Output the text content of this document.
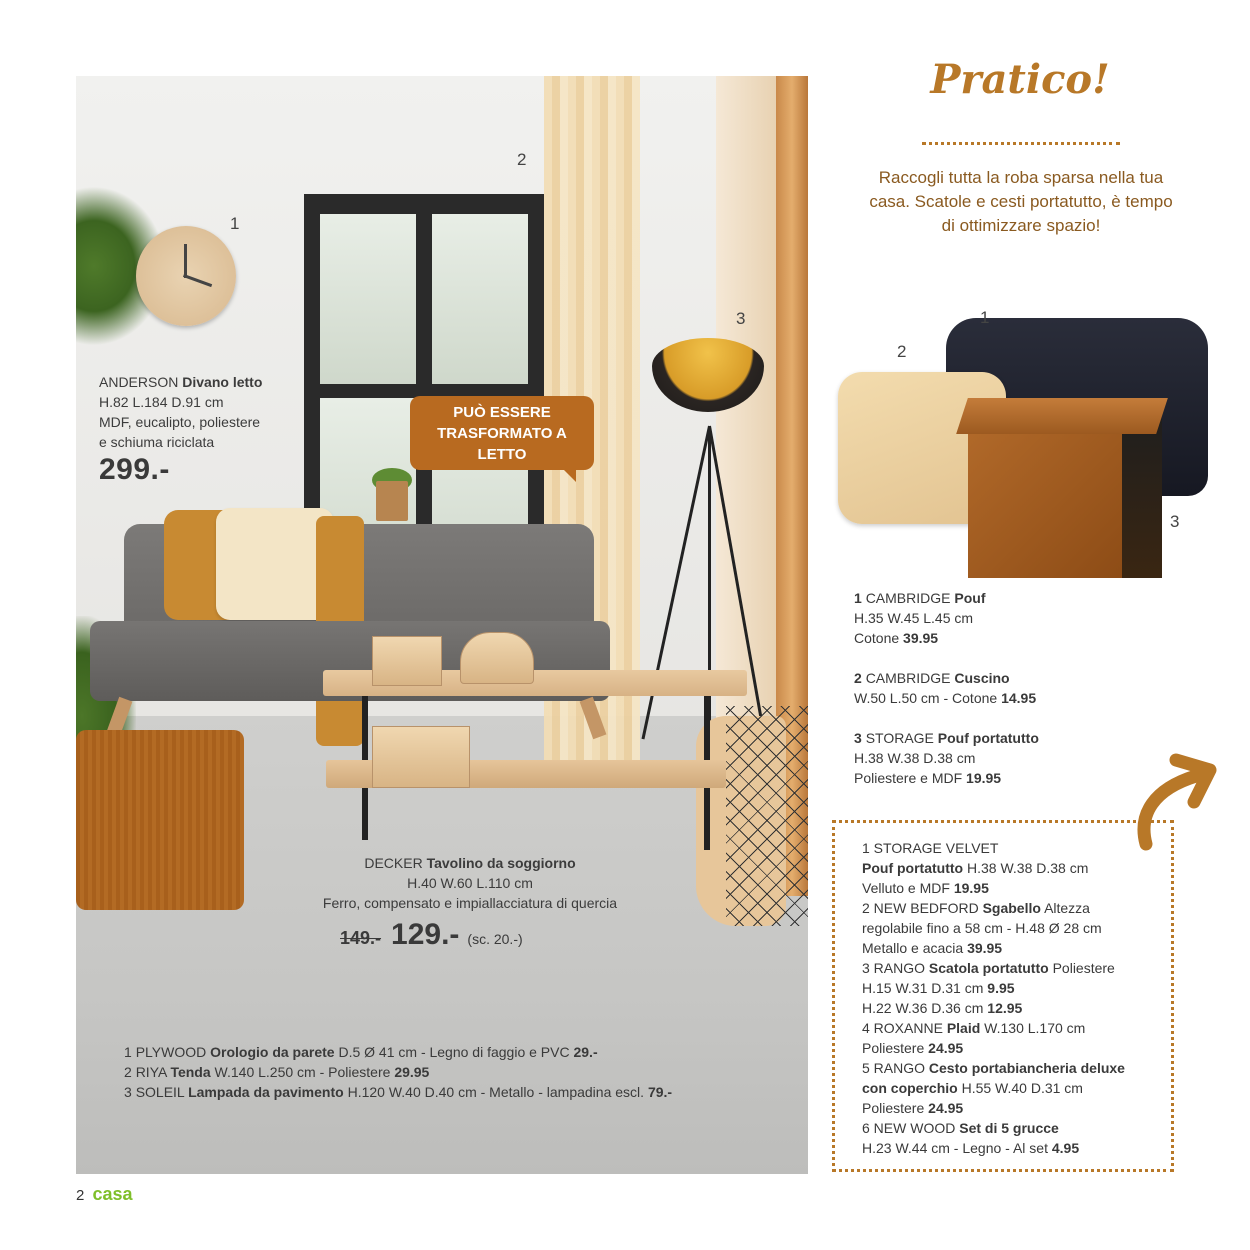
1
2
3
PUÒ ESSERE TRASFORMATO A LETTO
ANDERSON Divano letto
H.82 L.184 D.91 cm
MDF, eucalipto, poliestere
e schiuma riciclata
299.-
DECKER Tavolino da soggiorno
H.40 W.60 L.110 cm
Ferro, compensato e impiallacciatura di quercia
149.- 129.- (sc. 20.-)
1 PLYWOOD Orologio da parete D.5 Ø 41 cm - Legno di faggio e PVC 29.-
2 RIYA Tenda W.140 L.250 cm - Poliestere 29.95
3 SOLEIL Lampada da pavimento H.120 W.40 D.40 cm - Metallo - lampadina escl. 79.-
2 casa
Pratico!
Raccogli tutta la roba sparsa nella tua casa. Scatole e cesti portatutto, è tempo di ottimizzare spazio!
1
2
3

1 CAMBRIDGE Pouf
H.35 W.45 L.45 cm
Cotone 39.95

2 CAMBRIDGE Cuscino
W.50 L.50 cm - Cotone 14.95

3 STORAGE Pouf portatutto
H.38 W.38 D.38 cm
Poliestere e MDF 19.95

1 STORAGE VELVET
Pouf portatutto H.38 W.38 D.38 cm
Velluto e MDF 19.95
2 NEW BEDFORD Sgabello Altezza
regolabile fino a 58 cm - H.48 Ø 28 cm
Metallo e acacia 39.95
3 RANGO Scatola portatutto Poliestere
H.15 W.31 D.31 cm 9.95
H.22 W.36 D.36 cm 12.95
4 ROXANNE Plaid W.130 L.170 cm
Poliestere 24.95
5 RANGO Cesto portabiancheria deluxe
con coperchio H.55 W.40 D.31 cm
Poliestere 24.95
6 NEW WOOD Set di 5 grucce
H.23 W.44 cm - Legno - Al set 4.95
